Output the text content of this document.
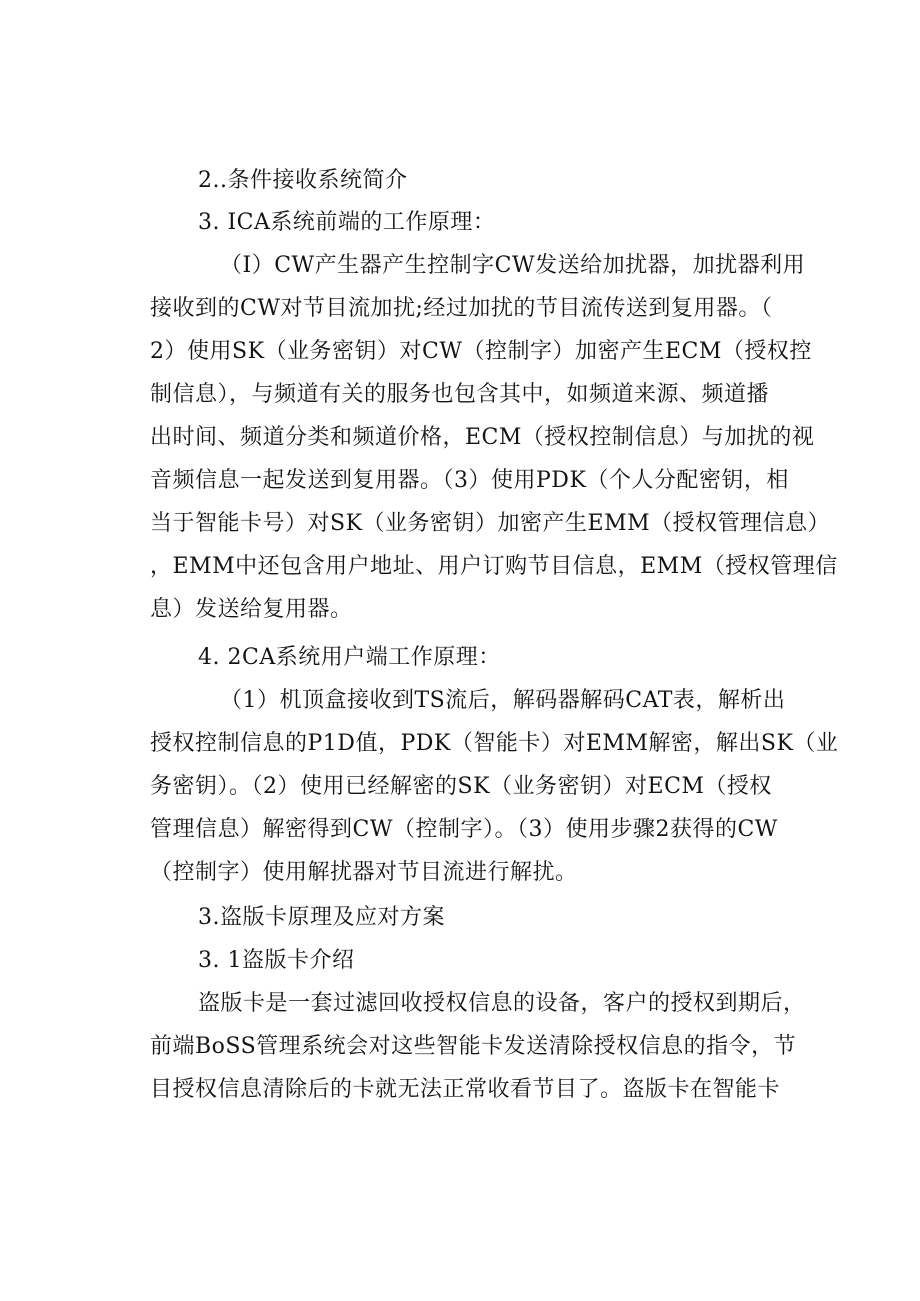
2..条件接收系统简介
3. ICA系统前端的工作原理：
（I）CW产生器产生控制字CW发送给加扰器，加扰器利用
接收到的CW对节目流加扰;经过加扰的节目流传送到复用器。（
2）使用SK（业务密钥）对CW（控制字）加密产生ECM（授权控
制信息），与频道有关的服务也包含其中，如频道来源、频道播
出时间、频道分类和频道价格，ECM（授权控制信息）与加扰的视
音频信息一起发送到复用器。（3）使用PDK（个人分配密钥，相
当于智能卡号）对SK（业务密钥）加密产生EMM（授权管理信息）
，EMM中还包含用户地址、用户订购节目信息，EMM（授权管理信
息）发送给复用器。
4. 2CA系统用户端工作原理：
（1）机顶盒接收到TS流后，解码器解码CAT表，解析出
授权控制信息的P1D值，PDK（智能卡）对EMM解密，解出SK（业
务密钥）。（2）使用已经解密的SK（业务密钥）对ECM（授权
管理信息）解密得到CW（控制字）。（3）使用步骤2获得的CW
（控制字）使用解扰器对节目流进行解扰。
3.盗版卡原理及应对方案
3. 1盗版卡介绍
盗版卡是一套过滤回收授权信息的设备，客户的授权到期后，
前端BoSS管理系统会对这些智能卡发送清除授权信息的指令，节
目授权信息清除后的卡就无法正常收看节目了。盗版卡在智能卡
